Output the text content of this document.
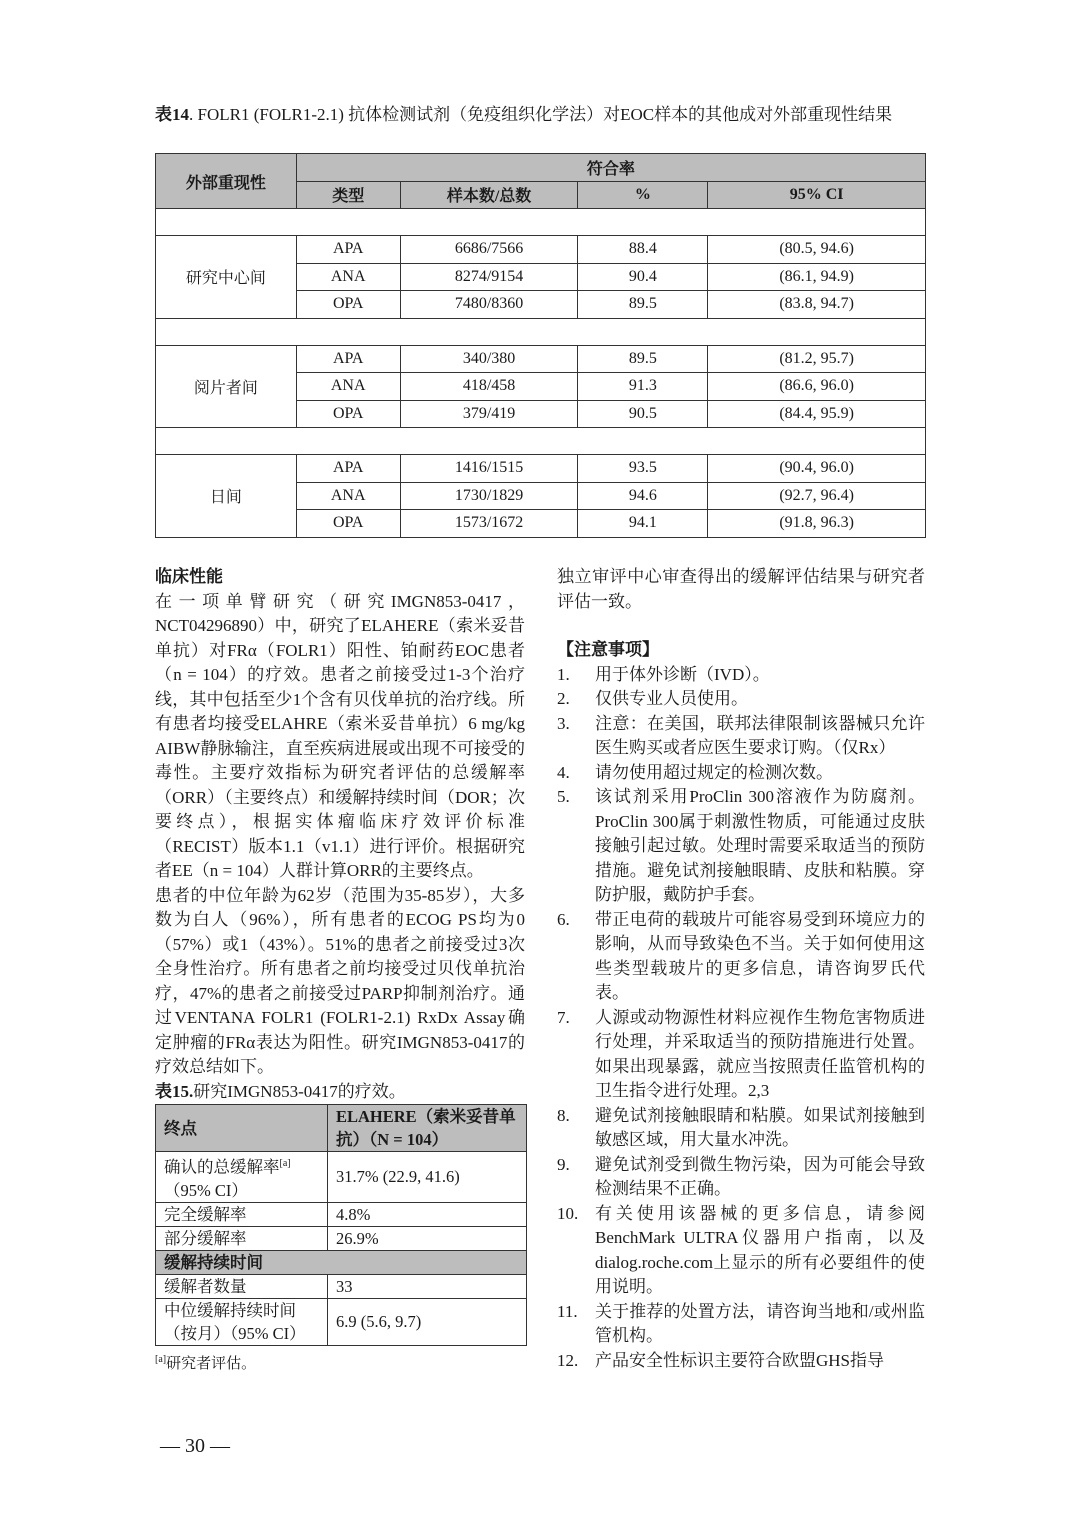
表14. FOLR1 (FOLR1-2.1) 抗体检测试剂（免疫组织化学法）对EOC样本的其他成对外部重现性结果
外部重现性	符合率			
	类型	样本数/总数	%	95% CI

研究中心间	APA	6686/7566	88.4	(80.5, 94.6)
	ANA	8274/9154	90.4	(86.1, 94.9)
	OPA	7480/8360	89.5	(83.8, 94.7)

阅片者间	APA	340/380	89.5	(81.2, 95.7)
	ANA	418/458	91.3	(86.6, 96.0)
	OPA	379/419	90.5	(84.4, 95.9)

日间	APA	1416/1515	93.5	(90.4, 96.0)
	ANA	1730/1829	94.6	(92.7, 96.4)
	OPA	1573/1672	94.1	(91.8, 96.3)
临床性能

在一项单臂研究（研究IMGN853-0417，NCT04296890）中，研究了ELAHERE（索米妥昔单抗）对FRα（FOLR1）阳性、铂耐药EOC患者（n = 104）的疗效。患者之前接受过1-3个治疗线，其中包括至少1个含有贝伐单抗的治疗线。所有患者均接受ELAHRE（索米妥昔单抗）6 mg/kg AIBW静脉输注，直至疾病进展或出现不可接受的毒性。主要疗效指标为研究者评估的总缓解率（ORR）（主要终点）和缓解持续时间（DOR；次要终点），根据实体瘤临床疗效评价标准（RECIST）版本1.1（v1.1）进行评价。根据研究者EE（n = 104）人群计算ORR的主要终点。

患者的中位年龄为62岁（范围为35-85岁），大多数为白人（96%），所有患者的ECOG PS均为0（57%）或1（43%）。51%的患者之前接受过3次全身性治疗。所有患者之前均接受过贝伐单抗治疗，47%的患者之前接受过PARP抑制剂治疗。通过VENTANA FOLR1 (FOLR1-2.1) RxDx Assay确定肿瘤的FRα表达为阳性。研究IMGN853-0417的疗效总结如下。

表15.研究IMGN853-0417的疗效。

终点	ELAHERE（索米妥昔单抗）（N = 104）
确认的总缓解率[a]
（95% CI）	31.7% (22.9, 41.6)
完全缓解率	4.8%
部分缓解率	26.9%
缓解持续时间	
缓解者数量	33
中位缓解持续时间（按月）（95% CI）	6.9 (5.6, 9.7)
[a]研究者评估。

独立审评中心审查得出的缓解评估结果与研究者评估一致。

【注意事项】
1. 用于体外诊断（IVD）。
2. 仅供专业人员使用。
3. 注意：在美国，联邦法律限制该器械只允许医生购买或者应医生要求订购。（仅Rx）
4. 请勿使用超过规定的检测次数。
5. 该试剂采用ProClin 300溶液作为防腐剂。ProClin 300属于刺激性物质，可能通过皮肤接触引起过敏。处理时需要采取适当的预防措施。避免试剂接触眼睛、皮肤和粘膜。穿防护服，戴防护手套。
6. 带正电荷的载玻片可能容易受到环境应力的影响，从而导致染色不当。关于如何使用这些类型载玻片的更多信息，请咨询罗氏代表。
7. 人源或动物源性材料应视作生物危害物质进行处理，并采取适当的预防措施进行处置。如果出现暴露，就应当按照责任监管机构的卫生指令进行处理。2,3
8. 避免试剂接触眼睛和粘膜。如果试剂接触到敏感区域，用大量水冲洗。
9. 避免试剂受到微生物污染，因为可能会导致检测结果不正确。
10. 有关使用该器械的更多信息，请参阅BenchMark ULTRA仪器用户指南，以及dialog.roche.com上显示的所有必要组件的使用说明。
11. 关于推荐的处置方法，请咨询当地和/或州监管机构。
12. 产品安全性标识主要符合欧盟GHS指导
— 30 —
